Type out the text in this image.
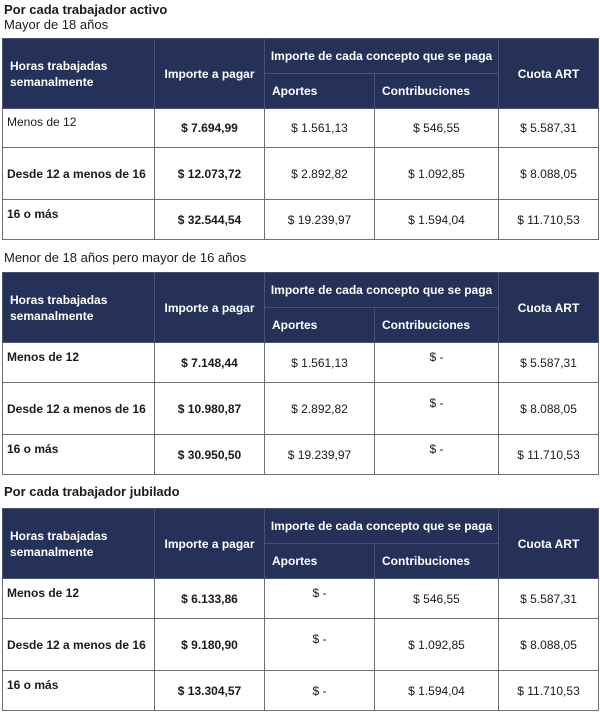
Por cada trabajador activo
Mayor de 18 años
Horas trabajadas semanalmente	Importe a pagar	Importe de cada concepto que se paga		Cuota ART
		Aportes	Contribuciones	
Menos de 12	$ 7.694,99	$ 1.561,13	$ 546,55	$ 5.587,31
Desde 12 a menos de 16	$ 12.073,72	$ 2.892,82	$ 1.092,85	$ 8.088,05
16 o más	$ 32.544,54	$ 19.239,97	$ 1.594,04	$ 11.710,53
Menor de 18 años pero mayor de 16 años
Horas trabajadas semanalmente	Importe a pagar	Importe de cada concepto que se paga		Cuota ART
		Aportes	Contribuciones	
Menos de 12	$ 7.148,44	$ 1.561,13	$ -	$ 5.587,31
Desde 12 a menos de 16	$ 10.980,87	$ 2.892,82	$ -	$ 8.088,05
16 o más	$ 30.950,50	$ 19.239,97	$ -	$ 11.710,53
Por cada trabajador jubilado
Horas trabajadas semanalmente	Importe a pagar	Importe de cada concepto que se paga		Cuota ART
		Aportes	Contribuciones	
Menos de 12	$ 6.133,86	$ -	$ 546,55	$ 5.587,31
Desde 12 a menos de 16	$ 9.180,90	$ -	$ 1.092,85	$ 8.088,05
16 o más	$ 13.304,57	$ -	$ 1.594,04	$ 11.710,53
